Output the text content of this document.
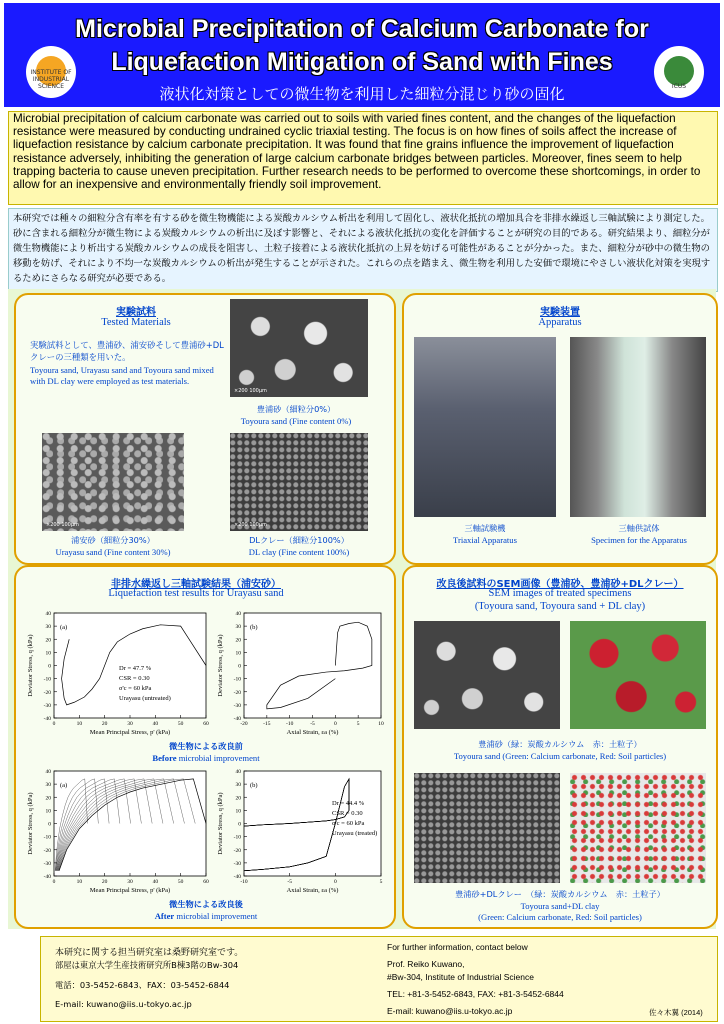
INSTITUTE OF INDUSTRIAL SCIENCE
Microbial Precipitation of Calcium Carbonate for
Liquefaction Mitigation of Sand with Fines
液状化対策としての微生物を利用した細粒分混じり砂の固化	ICUS
Microbial precipitation of calcium carbonate was carried out to soils with varied fines content, and the changes of the liquefaction resistance were measured by conducting undrained cyclic triaxial testing. The focus is on how fines of soils affect the increase of liquefaction resistance by calcium carbonate precipitation. It was found that fine grains influence the improvement of liquefaction resistance adversely, inhibiting the generation of large calcium carbonate bridges between particles. Moreover, fines seem to help trapping bacteria to cause uneven precipitation. Further research needs to be performed to overcome these shortcomings, in order to allow for an inexpensive and environmentally friendly soil improvement.
本研究では種々の細粒分含有率を有する砂を微生物機能による炭酸カルシウム析出を利用して固化し、液状化抵抗の増加具合を非排水繰返し三軸試験により測定した。砂に含まれる細粒分が微生物による炭酸カルシウムの析出に及ぼす影響と、それによる液状化抵抗の変化を評価することが研究の目的である。研究結果より、細粒分が微生物機能により析出する炭酸カルシウムの成長を阻害し、土粒子接着による液状化抵抗の上昇を妨げる可能性があることが分かった。また、細粒分が砂中の微生物の移動を妨げ、それにより不均一な炭酸カルシウムの析出が発生することが示された。これらの点を踏まえ、微生物を利用した安価で環境にやさしい液状化対策を実現するためにさらなる研究が必要である。
実験試料
Tested Materials
実験試料として、豊浦砂、浦安砂そして豊浦砂+DLクレーの三種類を用いた。
Toyoura sand, Urayasu sand and Toyoura sand mixed with DL clay were employed as test materials.
×200 100μm
豊浦砂（細粒分0%）
Toyoura sand (Fine content 0%)
×200 100μm	×200 100μm
浦安砂（細粒分30%）
Urayasu sand (Fine content 30%)
DLクレー（細粒分100%）
DL clay (Fine content 100%)
実験装置
Apparatus
三軸試験機
Triaxial Apparatus
三軸供試体
Specimen for the Apparatus
非排水繰返し三軸試験結果（浦安砂）
Liquefaction test results for Urayasu sand
0	10	20	30	40	50	60
-40
-30
-20
-10
0
10
20
30
40
Mean Principal Stress, p' (kPa)
Deviator Stress, q (kPa)
(a)
Dr = 47.7 %
CSR = 0.30
σ'c = 60 kPa
Urayasu (untreated)
-20	-15	-10	-5	0	5	10
-40
-30
-20
-10
0
10
20
30
40
Axial Strain, εa (%)
Deviator Stress, q (kPa)
(b)
微生物による改良前
Before microbial improvement
0	10	20	30	40	50	60
-40
-30
-20
-10
0
10
20
30
40
Mean Principal Stress, p' (kPa)
Deviator Stress, q (kPa)
(a)
-10	-5	0	5
-40
-30
-20
-10
0
10
20
30
40
Axial Strain, εa (%)
Deviator Stress, q (kPa)
(b)
Dr = 44.4 %
CSR = 0.30
σ'c = 60 kPa
Urayasu (treated)
微生物による改良後
After microbial improvement
改良後試料のSEM画像（豊浦砂、豊浦砂+DLクレー）
SEM images of treated specimens
(Toyoura sand, Toyoura sand + DL clay)
豊浦砂（緑：炭酸カルシウム　赤：土粒子）
Toyoura sand (Green: Calcium carbonate, Red: Soil particles)
豊浦砂+DLクレー　（緑：炭酸カルシウム　赤：土粒子）
Toyoura sand+DL clay
(Green: Calcium carbonate, Red: Soil particles)
本研究に関する担当研究室は桑野研究室です。
部屋は東京大学生産技術研究所B棟3階のBw-304
電話：03-5452-6843、FAX：03-5452-6844
E-mail: kuwano@iis.u-tokyo.ac.jp
For further information, contact below
Prof. Reiko Kuwano,
#Bw-304, Institute of Industrial Science
TEL: +81-3-5452-6843, FAX: +81-3-5452-6844
E-mail: kuwano@iis.u-tokyo.ac.jp	佐々木翼 (2014)
